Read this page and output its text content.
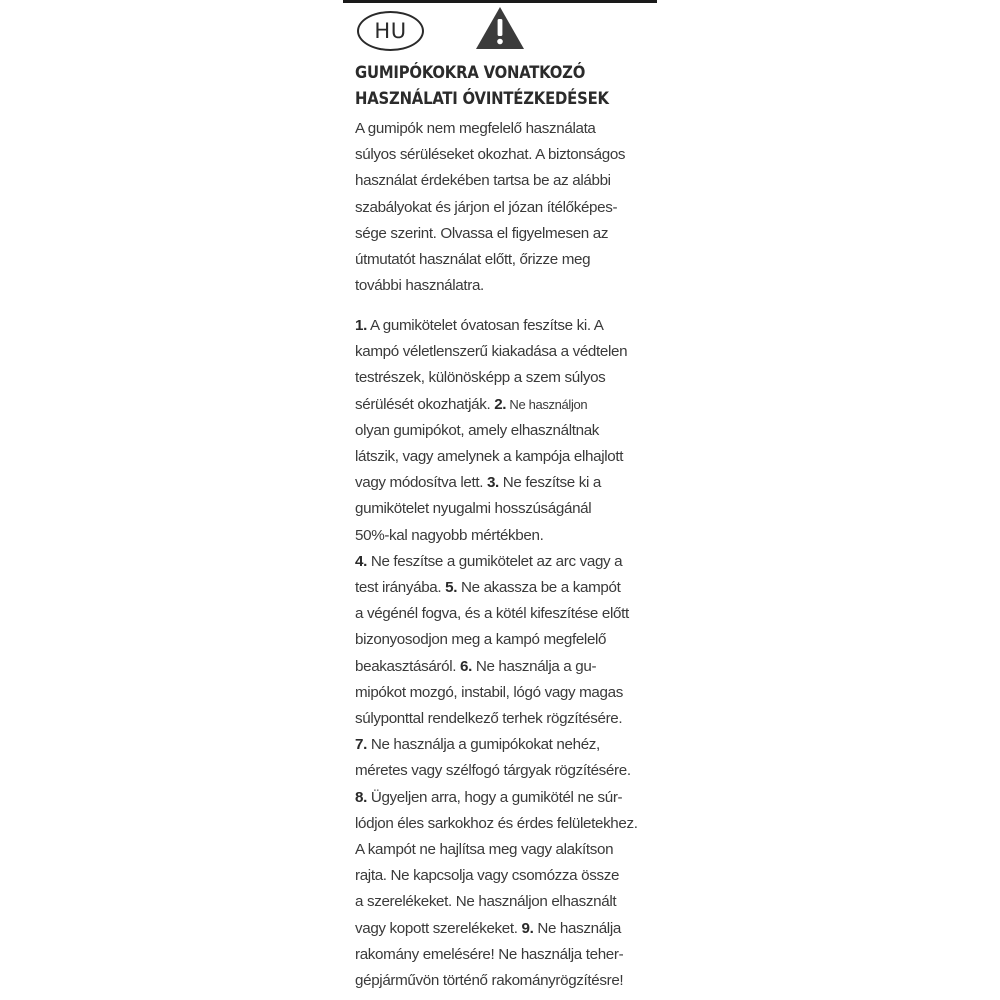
HU
GUMIPÓKOKRA VONATKOZÓ
HASZNÁLATI ÓVINTÉZKEDÉSEK
A gumipók nem megfelelő használata
súlyos sérüléseket okozhat. A biztonságos
használat érdekében tartsa be az alábbi
szabályokat és járjon el józan ítélőképes-
sége szerint. Olvassa el figyelmesen az
útmutatót használat előtt, őrizze meg
további használatra.
1. A gumikötelet óvatosan feszítse ki. A
kampó véletlenszerű kiakadása a védtelen
testrészek, különösképp a szem súlyos
sérülését okozhatják. 2. Ne használjon
olyan gumipókot, amely elhasználtnak
látszik, vagy amelynek a kampója elhajlott
vagy módosítva lett. 3. Ne feszítse ki a
gumikötelet nyugalmi hosszúságánál
50%-kal nagyobb mértékben.
4. Ne feszítse a gumikötelet az arc vagy a
test irányába. 5. Ne akassza be a kampót
a végénél fogva, és a kötél kifeszítése előtt
bizonyosodjon meg a kampó megfelelő
beakasztásáról. 6. Ne használja a gu-
mipókot mozgó, instabil, lógó vagy magas
súlyponttal rendelkező terhek rögzítésére.
7. Ne használja a gumipókokat nehéz,
méretes vagy szélfogó tárgyak rögzítésére.
8. Ügyeljen arra, hogy a gumikötél ne súr-
lódjon éles sarkokhoz és érdes felületekhez.
A kampót ne hajlítsa meg vagy alakítson
rajta. Ne kapcsolja vagy csomózza össze
a szerelékeket. Ne használjon elhasznált
vagy kopott szerelékeket. 9. Ne használja
rakomány emelésére! Ne használja teher-
gépjárművön történő rakományrögzítésre!
